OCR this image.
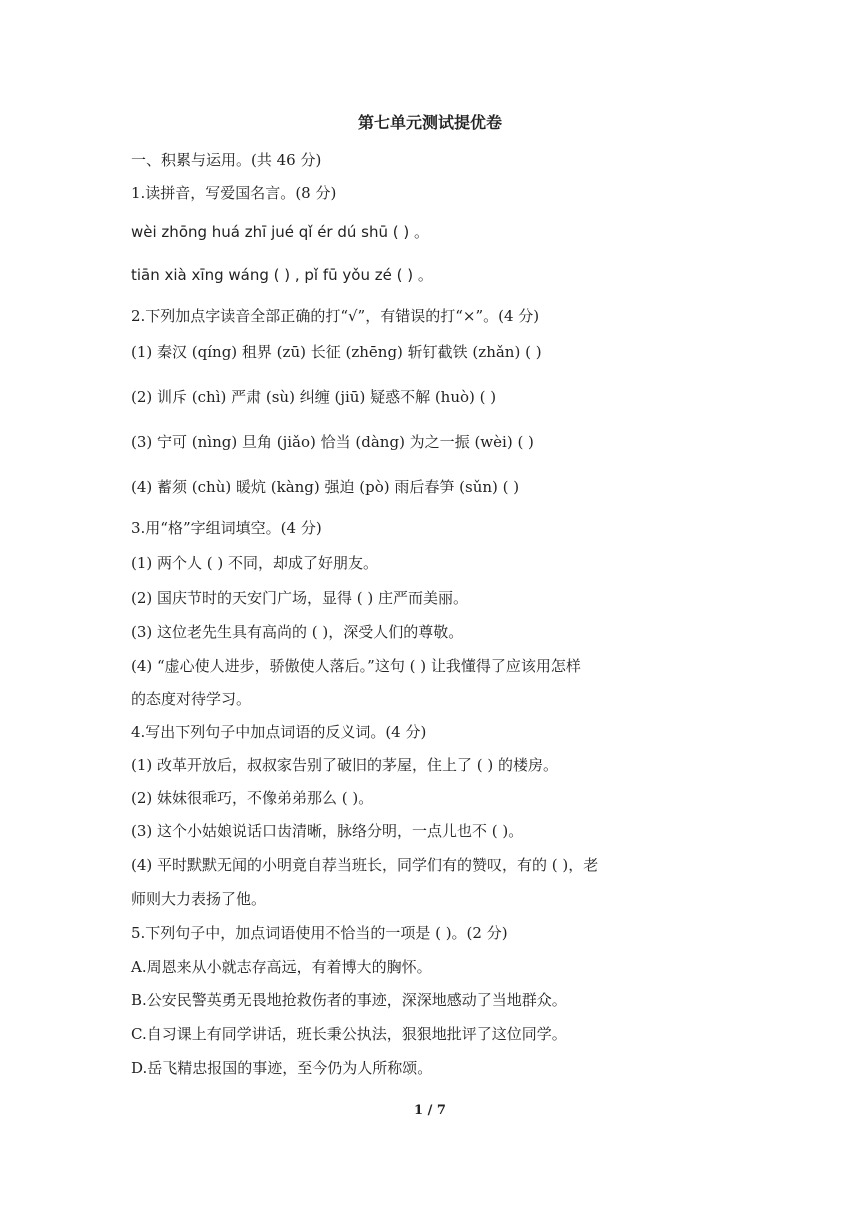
第七单元测试提优卷
一、积累与运用。(共 46 分)
1.读拼音，写爱国名言。(8 分)
wèi zhōng huá zhī jué qǐ ér dú shū ( ) 。
tiān xià xīng wáng ( ) , pǐ fū yǒu zé ( ) 。
2.下列加点字读音全部正确的打“√”，有错误的打“×”。(4 分)
(1) 秦汉 (qíng) 租界 (zū) 长征 (zhēng) 斩钉截铁 (zhǎn) ( )
(2) 训斥 (chì) 严肃 (sù) 纠缠 (jiū) 疑惑不解 (huò) ( )
(3) 宁可 (nìng) 旦角 (jiǎo) 恰当 (dàng) 为之一振 (wèi) ( )
(4) 蓄须 (chù) 暖炕 (kàng) 强迫 (pò) 雨后春笋 (sǔn) ( )
3.用“格”字组词填空。(4 分)
(1) 两个人 ( ) 不同，却成了好朋友。
(2) 国庆节时的天安门广场，显得 ( ) 庄严而美丽。
(3) 这位老先生具有高尚的 ( )，深受人们的尊敬。
(4) “虚心使人进步，骄傲使人落后。”这句 ( ) 让我懂得了应该用怎样
的态度对待学习。
4.写出下列句子中加点词语的反义词。(4 分)
(1) 改革开放后，叔叔家告别了破旧的茅屋，住上了 ( ) 的楼房。
(2) 妹妹很乖巧，不像弟弟那么 ( )。
(3) 这个小姑娘说话口齿清晰，脉络分明，一点儿也不 ( )。
(4) 平时默默无闻的小明竟自荐当班长，同学们有的赞叹，有的 ( )，老
师则大力表扬了他。
5.下列句子中，加点词语使用不恰当的一项是 ( )。(2 分)
A.周恩来从小就志存高远，有着博大的胸怀。
B.公安民警英勇无畏地抢救伤者的事迹，深深地感动了当地群众。
C.自习课上有同学讲话，班长秉公执法，狠狠地批评了这位同学。
D.岳飞精忠报国的事迹，至今仍为人所称颂。
1 / 7
